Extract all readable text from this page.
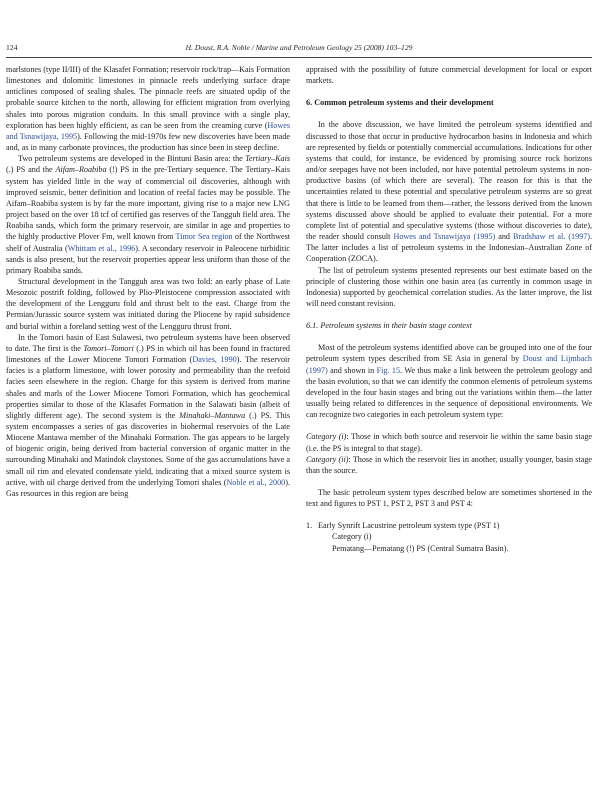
124	H. Doust, R.A. Noble / Marine and Petroleum Geology 25 (2008) 103–129

marlstones (type II/III) of the Klasafet Formation; reservoir rock/trap—Kais Formation limestones and dolomitic limestones in pinnacle reefs underlying surface drape anticlines composed of sealing shales. The pinnacle reefs are situated updip of the probable source kitchen to the north, allowing for efficient migration from overlying shales into porous migration conduits. In this small province with a single play, exploration has been highly efficient, as can be seen from the creaming curve (Howes and Tsnawijaya, 1995). Following the mid-1970s few new discoveries have been made and, as in many carbonate provinces, the production has since been in steep decline.

Two petroleum systems are developed in the Bintuni Basin area: the Tertiary–Kais (.) PS and the Aifam–Roabiba (!) PS in the pre-Tertiary sequence. The Tertiary–Kais system has yielded little in the way of commercial oil discoveries, although with improved seismic, better definition and location of reefal facies may be possible. The Aifam–Roabiba system is by far the more important, giving rise to a major new LNG project based on the over 18 tcf of certified gas reserves of the Tangguh field area. The Roabiba sands, which form the primary reservoir, are similar in age and properties to the highly productive Plover Fm, well known from Timor Sea region of the Northwest shelf of Australia (Whittam et al., 1996). A secondary reservoir in Paleocene turbiditic sands is also present, but the reservoir properties appear less uniform than those of the primary Roabiba sands.

Structural development in the Tangguh area was two fold: an early phase of Late Mesozoic postrift folding, followed by Plio-Pleistocene compression associated with the development of the Lengguru fold and thrust belt to the east. Charge from the Permian/Jurassic source system was initiated during the Pliocene by rapid subsidence and burial within a foreland setting west of the Lengguru thrust front.

In the Tomori basin of East Sulawesi, two petroleum systems have been observed to date. The first is the Tomori–Tomori (.) PS in which oil has been found in fractured limestones of the Lower Miocene Tomori Formation (Davies, 1990). The reservoir facies is a platform limestone, with lower porosity and permeability than the reefoid facies seen elsewhere in the region. Charge for this system is derived from marine shales and marls of the Lower Miocene Tomori Formation, which has geochemical properties similar to those of the Klasafet Formation in the Salawati basin (albeit of slightly different age). The second system is the Minahaki–Mantawa (.) PS. This system encompasses a series of gas discoveries in biohermal reservoirs of the Late Miocene Mantawa member of the Minahaki Formation. The gas appears to be largely of biogenic origin, being derived from bacterial conversion of organic matter in the surrounding Minahaki and Matindok claystones. Some of the gas accumulations have a small oil rim and elevated condensate yield, indicating that a mixed source system is active, with oil charge derived from the underlying Tomori shales (Noble et al., 2000). Gas resources in this region are being

appraised with the possibility of future commercial development for local or export markets.

6. Common petroleum systems and their development

In the above discussion, we have limited the petroleum systems identified and discussed to those that occur in productive hydrocarbon basins in Indonesia and which are represented by fields or potentially commercial accumulations. Indications for other systems that could, for instance, be evidenced by promising source rock horizons and/or seepages have not been included, nor have potential petroleum systems in non-productive basins (of which there are several). The reason for this is that the uncertainties related to these potential and speculative petroleum systems are so great that there is little to be learned from them—rather, the lessons derived from the known systems discussed above should be applied to evaluate their potential. For a more complete list of potential and speculative systems (those without discoveries to date), the reader should consult Howes and Tsnawijaya (1995) and Bradshaw et al. (1997). The latter includes a list of petroleum systems in the Indonesian–Australian Zone of Cooperation (ZOCA).

The list of petroleum systems presented represents our best estimate based on the principle of clustering those within one basin area (as currently in common usage in Indonesia) supported by geochemical correlation studies. As the latter improve, the list will need constant revision.

6.1. Petroleum systems in their basin stage context

Most of the petroleum systems identified above can be grouped into one of the four petroleum system types described from SE Asia in general by Doust and Lijmbach (1997) and shown in Fig. 15. We thus make a link between the petroleum geology and the basin evolution, so that we can identify the common elements of petroleum systems developed in the four basin stages and bring out the variations within them—the latter usually being related to differences in the sequence of depositional environments. We can recognize two categories in each petroleum system type:

Category (i): Those in which both source and reservoir lie within the same basin stage (i.e. the PS is integral to that stage).

Category (ii): Those in which the reservoir lies in another, usually younger, basin stage than the source.

The basic petroleum system types described below are sometimes shortened in the text and figures to PST 1, PST 2, PST 3 and PST 4:

1. Early Synrift Lacustrine petroleum system type (PST 1)
Category (i)
Pematang—Pematang (!) PS (Central Sumatra Basin).
